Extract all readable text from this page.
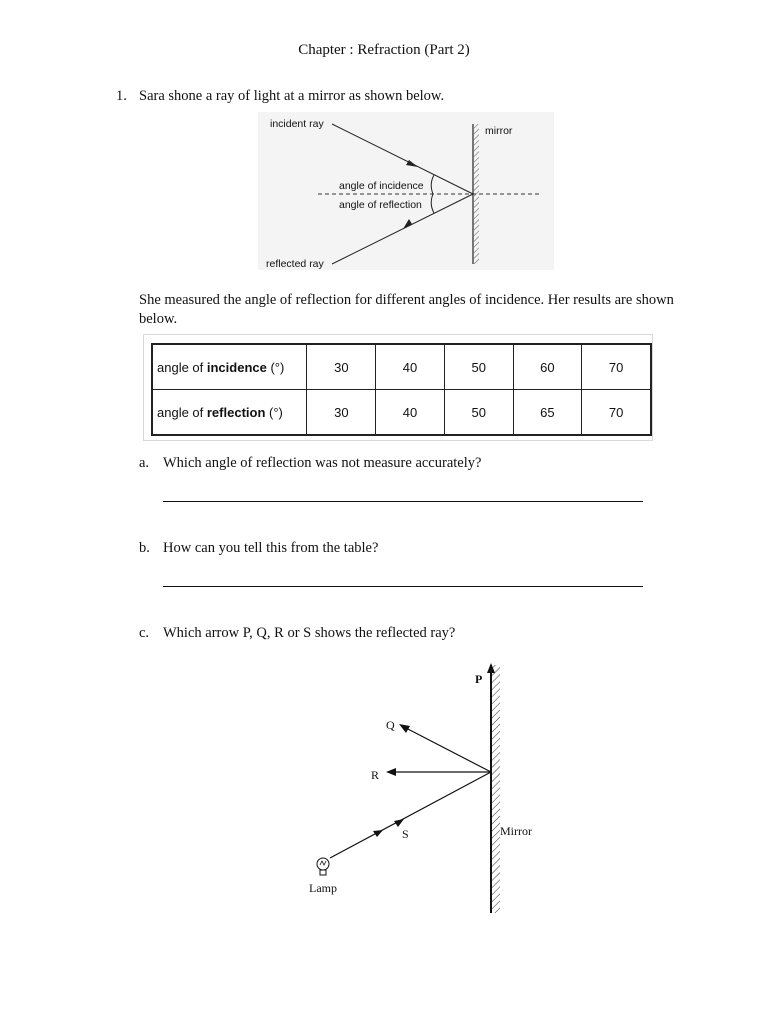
Chapter : Refraction (Part 2)
1. Sara shone a ray of light at a mirror as shown below.
incident ray
mirror
angle of incidence
angle of reflection
reflected ray
She measured the angle of reflection for different angles of incidence. Her results are shown below.
angle of incidence (°)	30	40	50	60	70
angle of reflection (°)	30	40	50	65	70
a. Which angle of reflection was not measure accurately?
b. How can you tell this from the table?
c. Which arrow P, Q, R or S shows the reflected ray?
P
Q
R
S	Mirror
Lamp
